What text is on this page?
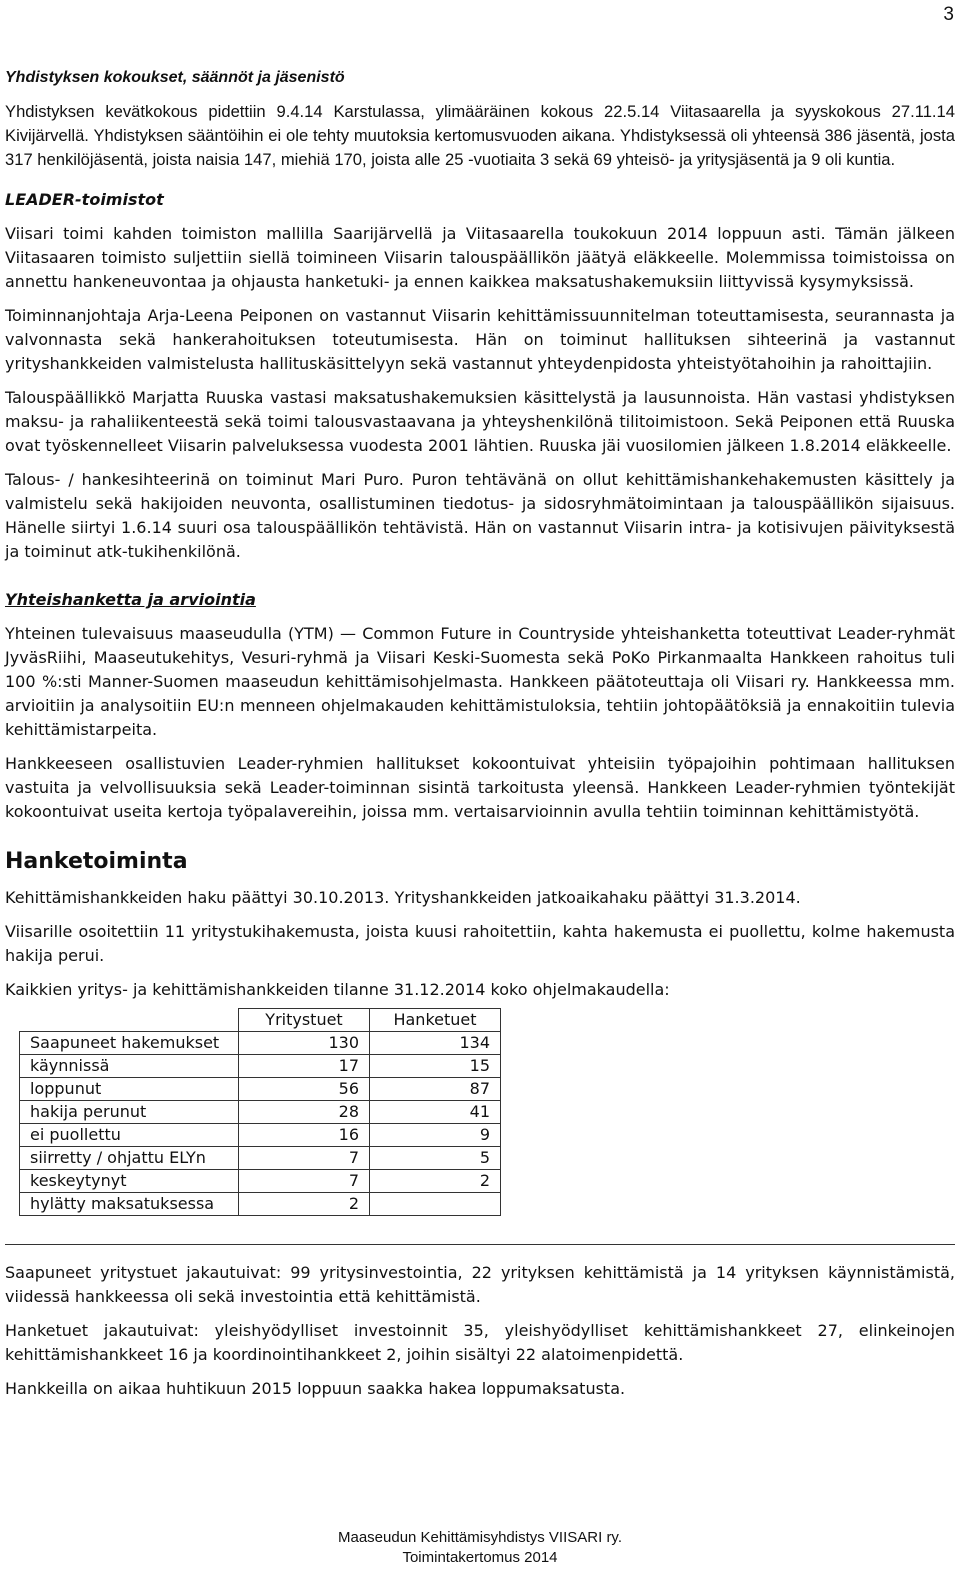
3
Yhdistyksen kokoukset, säännöt ja jäsenistö

Yhdistyksen kevätkokous pidettiin 9.4.14 Karstulassa, ylimääräinen kokous 22.5.14 Viitasaarella ja syyskokous 27.11.14 Kivijärvellä. Yhdistyksen sääntöihin ei ole tehty muutoksia kertomusvuoden aikana. Yhdistyksessä oli yhteensä 386 jäsentä, josta 317 henkilöjäsentä, joista naisia 147, miehiä 170, joista alle 25 -vuotiaita 3 sekä 69 yhteisö- ja yritysjäsentä ja 9 oli kuntia.

LEADER-toimistot

Viisari toimi kahden toimiston mallilla Saarijärvellä ja Viitasaarella toukokuun 2014 loppuun asti. Tämän jälkeen Viitasaaren toimisto suljettiin siellä toimineen Viisarin talouspäällikön jäätyä eläkkeelle. Molemmissa toimistoissa on annettu hankeneuvontaa ja ohjausta hanketuki- ja ennen kaikkea maksatushakemuksiin liittyvissä kysymyksissä.

Toiminnanjohtaja Arja-Leena Peiponen on vastannut Viisarin kehittämissuunnitelman toteuttamisesta, seurannasta ja valvonnasta sekä hankerahoituksen toteutumisesta. Hän on toiminut hallituksen sihteerinä ja vastannut yrityshankkeiden valmistelusta hallituskäsittelyyn sekä vastannut yhteydenpidosta yhteistyötahoihin ja rahoittajiin.

Talouspäällikkö Marjatta Ruuska vastasi maksatushakemuksien käsittelystä ja lausunnoista. Hän vastasi yhdistyksen maksu- ja rahaliikenteestä sekä toimi talousvastaavana ja yhteyshenkilönä tilitoimistoon. Sekä Peiponen että Ruuska ovat työskennelleet Viisarin palveluksessa vuodesta 2001 lähtien. Ruuska jäi vuosilomien jälkeen 1.8.2014 eläkkeelle.

Talous- / hankesihteerinä on toiminut Mari Puro. Puron tehtävänä on ollut kehittämishankehakemusten käsittely ja valmistelu sekä hakijoiden neuvonta, osallistuminen tiedotus- ja sidosryhmätoimintaan ja talouspäällikön sijaisuus. Hänelle siirtyi 1.6.14 suuri osa talouspäällikön tehtävistä. Hän on vastannut Viisarin intra- ja kotisivujen päivityksestä ja toiminut atk-tukihenkilönä.

Yhteishanketta ja arviointia

Yhteinen tulevaisuus maaseudulla (YTM) — Common Future in Countryside yhteishanketta toteuttivat Leader-ryhmät JyväsRiihi, Maaseutukehitys, Vesuri-ryhmä ja Viisari Keski-Suomesta sekä PoKo Pirkanmaalta Hankkeen rahoitus tuli 100 %:sti Manner-Suomen maaseudun kehittämisohjelmasta. Hankkeen päätoteuttaja oli Viisari ry. Hankkeessa mm. arvioitiin ja analysoitiin EU:n menneen ohjelmakauden kehittämistuloksia, tehtiin johtopäätöksiä ja ennakoitiin tulevia kehittämistarpeita.

Hankkeeseen osallistuvien Leader-ryhmien hallitukset kokoontuivat yhteisiin työpajoihin pohtimaan hallituksen vastuita ja velvollisuuksia sekä Leader-toiminnan sisintä tarkoitusta yleensä. Hankkeen Leader-ryhmien työntekijät kokoontuivat useita kertoja työpalavereihin, joissa mm. vertaisarvioinnin avulla tehtiin toiminnan kehittämistyötä.

Hanketoiminta

Kehittämishankkeiden haku päättyi 30.10.2013. Yrityshankkeiden jatkoaikahaku päättyi 31.3.2014.

Viisarille osoitettiin 11 yritystukihakemusta, joista kuusi rahoitettiin, kahta hakemusta ei puollettu, kolme hakemusta hakija perui.

Kaikkien yritys- ja kehittämishankkeiden tilanne 31.12.2014 koko ohjelmakaudella:

	Yritystuet	Hanketuet
Saapuneet hakemukset	130	134
käynnissä	17	15
loppunut	56	87
hakija perunut	28	41
ei puollettu	16	9
siirretty / ohjattu ELYn	7	5
keskeytynyt	7	2
hylätty maksatuksessa	2	

Saapuneet yritystuet jakautuivat: 99 yritysinvestointia, 22 yrityksen kehittämistä ja 14 yrityksen käynnistämistä, viidessä hankkeessa oli sekä investointia että kehittämistä.

Hanketuet jakautuivat: yleishyödylliset investoinnit 35, yleishyödylliset kehittämishankkeet 27, elinkeinojen kehittämishankkeet 16 ja koordinointihankkeet 2, joihin sisältyi 22 alatoimenpidettä.

Hankkeilla on aikaa huhtikuun 2015 loppuun saakka hakea loppumaksatusta.

Maaseudun Kehittämisyhdistys VIISARI ry.
Toimintakertomus 2014
